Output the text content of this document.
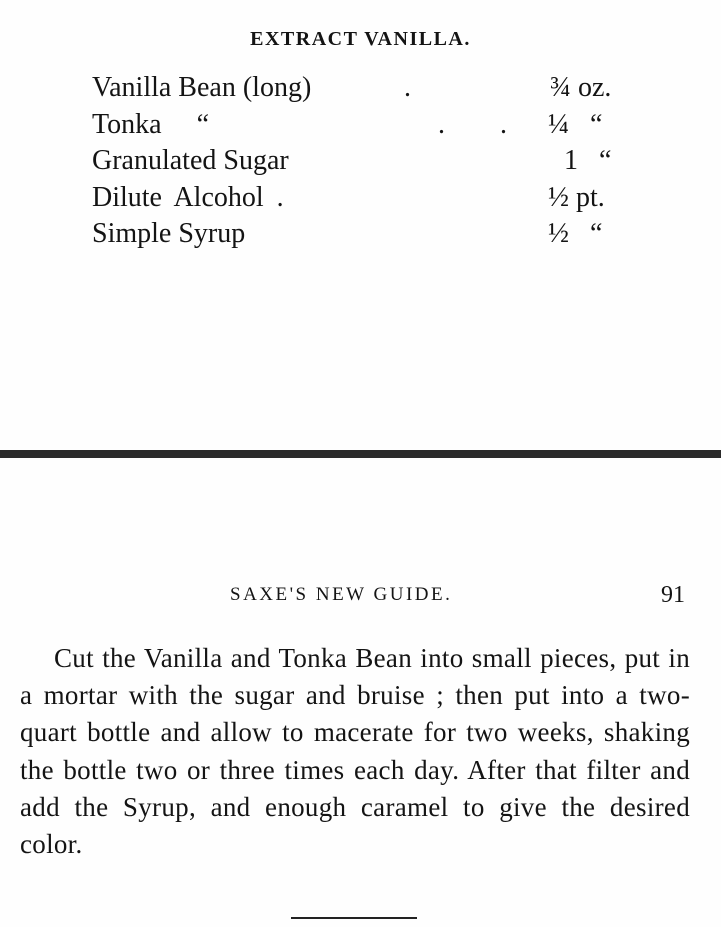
EXTRACT VANILLA.
Vanilla Bean (long)	.	¾ oz.
Tonka “	. . ¼ “
Granulated Sugar	1 “
Dilute Alcohol .	½ pt.
Simple Syrup	½ “
SAXE'S NEW GUIDE.	91

Cut the Vanilla and Tonka Bean into small pieces, put in a mortar with the sugar and bruise ; then put into a two-quart bottle and allow to macerate for two weeks, shaking the bottle two or three times each day. After that filter and add the Syrup, and enough caramel to give the desired color.
